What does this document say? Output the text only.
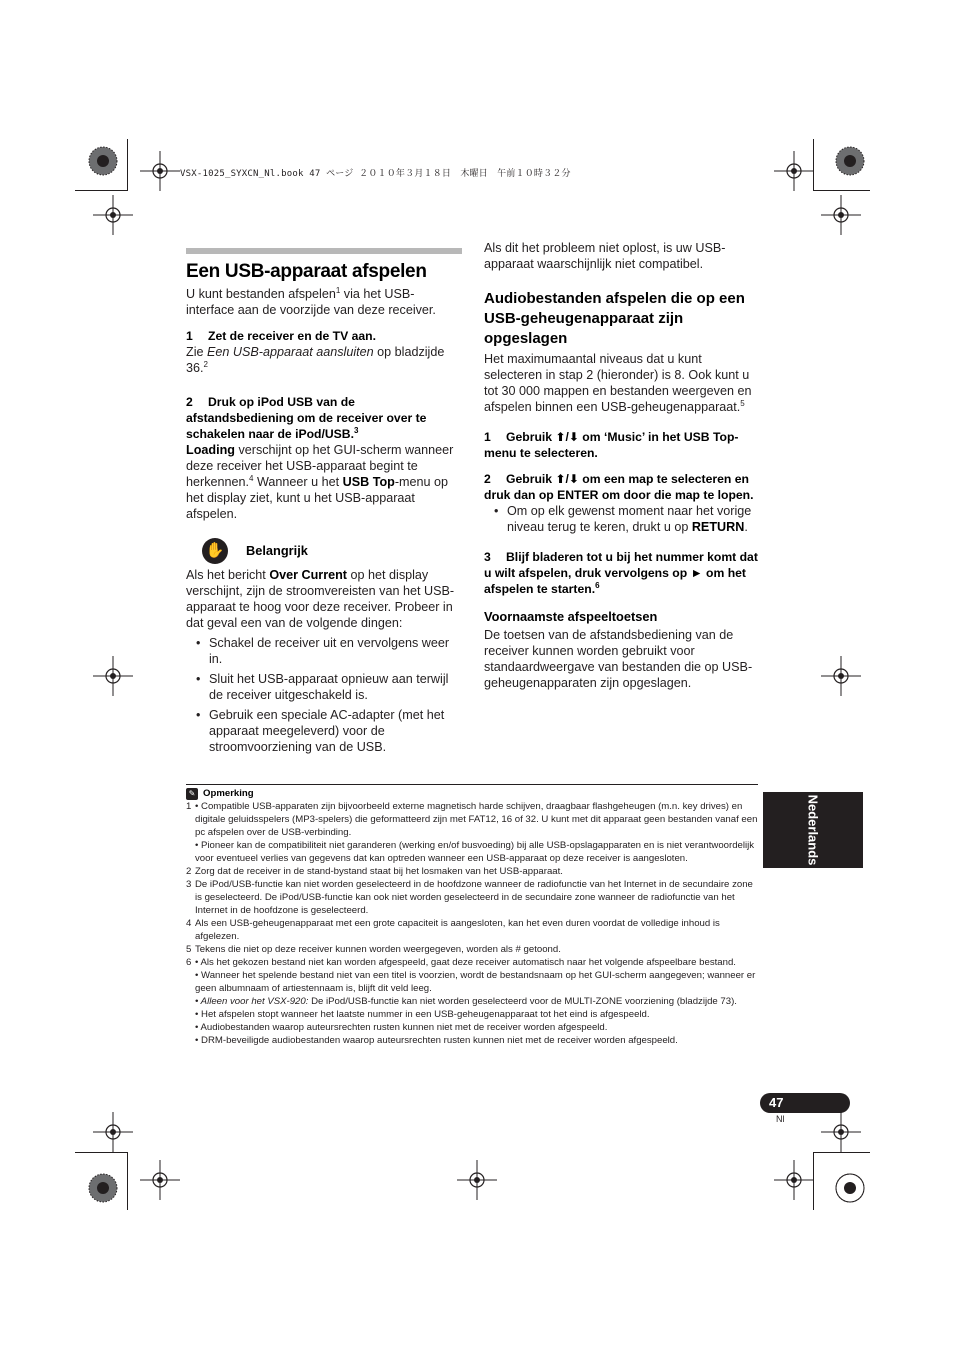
VSX-1025_SYXCN_Nl.book 47 ページ ２０１０年３月１８日　木曜日　午前１０時３２分
Een USB-apparaat afspelen

U kunt bestanden afspelen$^1$ via het USB-interface aan de voorzijde van deze receiver.

1 Zet de receiver en de TV aan.

Zie Een USB-apparaat aansluiten op bladzijde 36.$^2$

2 Druk op iPod USB van de afstandsbediening om de receiver over te schakelen naar de iPod/USB.$^3$

Loading verschijnt op het GUI-scherm wanneer deze receiver het USB-apparaat begint te herkennen.$^4$ Wanneer u het USB Top-menu op het display ziet, kunt u het USB-apparaat afspelen.

✋ Belangrijk

Als het bericht Over Current op het display verschijnt, zijn de stroomvereisten van het USB-apparaat te hoog voor deze receiver. Probeer in dat geval een van de volgende dingen:

• Schakel de receiver uit en vervolgens weer in.
• Sluit het USB-apparaat opnieuw aan terwijl de receiver uitgeschakeld is.
• Gebruik een speciale AC-adapter (met het apparaat meegeleverd) voor de stroomvoorziening van de USB.

Als dit het probleem niet oplost, is uw USB-apparaat waarschijnlijk niet compatibel.

Audiobestanden afspelen die op een USB-geheugenapparaat zijn opgeslagen

Het maximumaantal niveaus dat u kunt selecteren in stap 2 (hieronder) is 8. Ook kunt u tot 30 000 mappen en bestanden weergeven en afspelen binnen een USB-geheugenapparaat.$^5$

1 Gebruik ⬆/⬇ om ‘Music’ in het USB Top-menu te selecteren.

2 Gebruik ⬆/⬇ om een map te selecteren en druk dan op ENTER om door die map te lopen.

• Om op elk gewenst moment naar het vorige niveau terug te keren, drukt u op RETURN.

3 Blijf bladeren tot u bij het nummer komt dat u wilt afspelen, druk vervolgens op ► om het afspelen te starten.$^6$

Voornaamste afspeeltoetsen

De toetsen van de afstandsbediening van de receiver kunnen worden gebruikt voor standaardweergave van bestanden die op USB-geheugenapparaten zijn opgeslagen.

✎ Opmerking
1 • Compatible USB-apparaten zijn bijvoorbeeld externe magnetisch harde schijven, draagbaar flashgeheugen (m.n. key drives) en digitale geluidsspelers (MP3-spelers) die geformatteerd zijn met FAT12, 16 of 32. U kunt met dit apparaat geen bestanden vanaf een pc afspelen over de USB-verbinding.

• Pioneer kan de compatibiliteit niet garanderen (werking en/of busvoeding) bij alle USB-opslagapparaten en is niet verantwoordelijk voor eventueel verlies van gegevens dat kan optreden wanneer een USB-apparaat op deze receiver is aangesloten.

2 Zorg dat de receiver in de stand-bystand staat bij het losmaken van het USB-apparaat.

3 De iPod/USB-functie kan niet worden geselecteerd in de hoofdzone wanneer de radiofunctie van het Internet in de secundaire zone is geselecteerd. De iPod/USB-functie kan ook niet worden geselecteerd in de secundaire zone wanneer de radiofunctie van het Internet in de hoofdzone is geselecteerd.

4 Als een USB-geheugenapparaat met een grote capaciteit is aangesloten, kan het even duren voordat de volledige inhoud is afgelezen.

5 Tekens die niet op deze receiver kunnen worden weergegeven, worden als # getoond.

6 • Als het gekozen bestand niet kan worden afgespeeld, gaat deze receiver automatisch naar het volgende afspeelbare bestand.

• Wanneer het spelende bestand niet van een titel is voorzien, wordt de bestandsnaam op het GUI-scherm aangegeven; wanneer er geen albumnaam of artiestennaam is, blijft dit veld leeg.

• Alleen voor het VSX-920: De iPod/USB-functie kan niet worden geselecteerd voor de MULTI-ZONE voorziening (bladzijde 73).

• Het afspelen stopt wanneer het laatste nummer in een USB-geheugenapparaat tot het eind is afgespeeld.

• Audiobestanden waarop auteursrechten rusten kunnen niet met de receiver worden afgespeeld.

• DRM-beveiligde audiobestanden waarop auteursrechten rusten kunnen niet met de receiver worden afgespeeld.

Nederlands
47
Nl
